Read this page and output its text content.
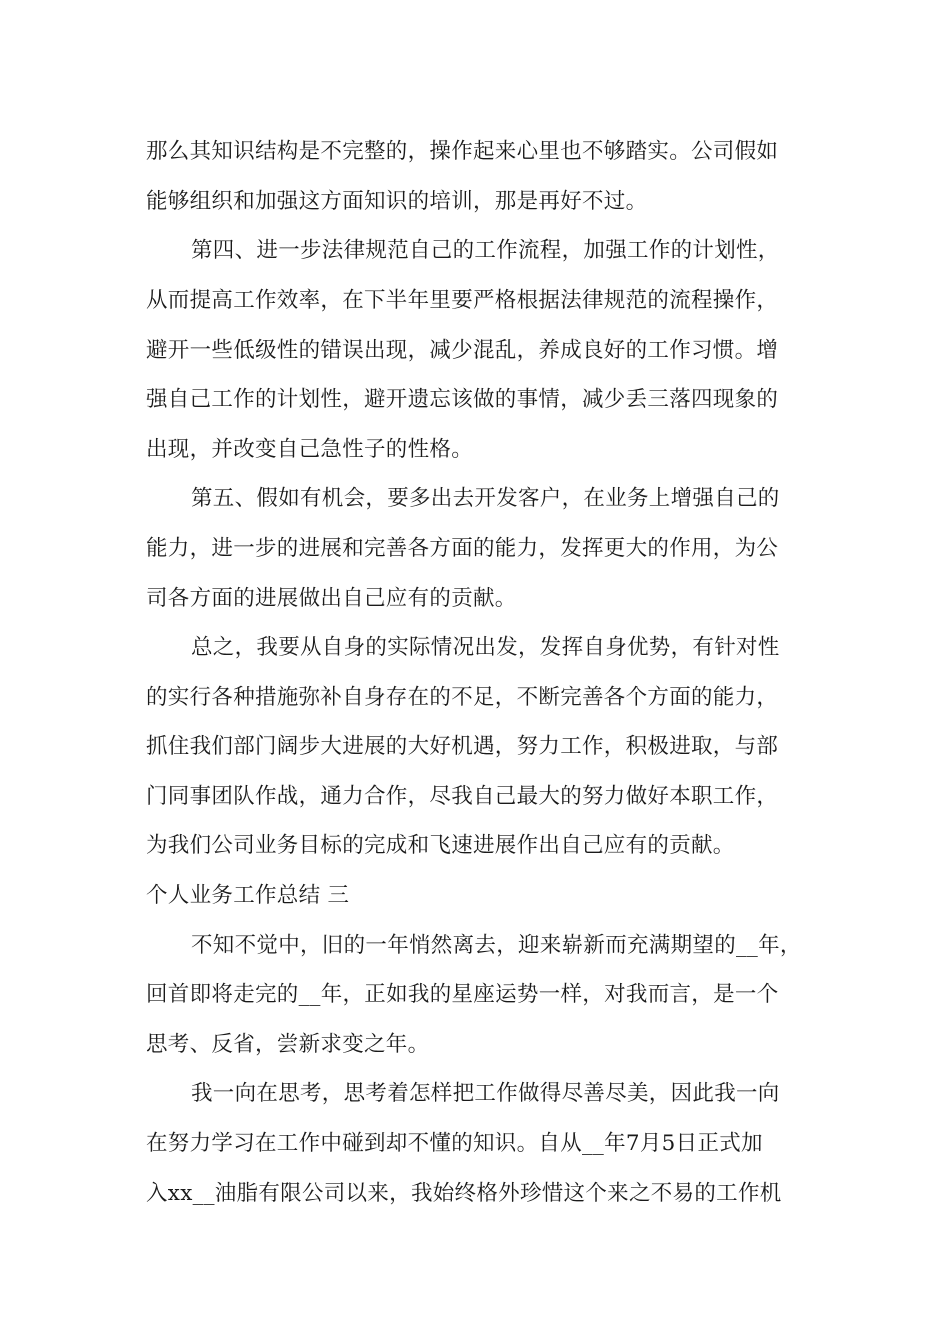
那么其知识结构是不完整的，操作起来心里也不够踏实。公司假如
能够组织和加强这方面知识的培训，那是再好不过。
第四、进一步法律规范自己的工作流程，加强工作的计划性，
从而提高工作效率，在下半年里要严格根据法律规范的流程操作，
避开一些低级性的错误出现，减少混乱，养成良好的工作习惯。增
强自己工作的计划性，避开遗忘该做的事情，减少丢三落四现象的
出现，并改变自己急性子的性格。
第五、假如有机会，要多出去开发客户，在业务上增强自己的
能力，进一步的进展和完善各方面的能力，发挥更大的作用，为公
司各方面的进展做出自己应有的贡献。
总之，我要从自身的实际情况出发，发挥自身优势，有针对性
的实行各种措施弥补自身存在的不足，不断完善各个方面的能力，
抓住我们部门阔步大进展的大好机遇，努力工作，积极进取，与部
门同事团队作战，通力合作，尽我自己最大的努力做好本职工作，
为我们公司业务目标的完成和飞速进展作出自己应有的贡献。
个人业务工作总结 三
不知不觉中，旧的一年悄然离去，迎来崭新而充满期望的__年，
回首即将走完的__年，正如我的星座运势一样，对我而言，是一个
思考、反省，尝新求变之年。
我一向在思考，思考着怎样把工作做得尽善尽美，因此我一向
在努力学习在工作中碰到却不懂的知识。自从__年7月5日正式加
入xx__油脂有限公司以来，我始终格外珍惜这个来之不易的工作机
